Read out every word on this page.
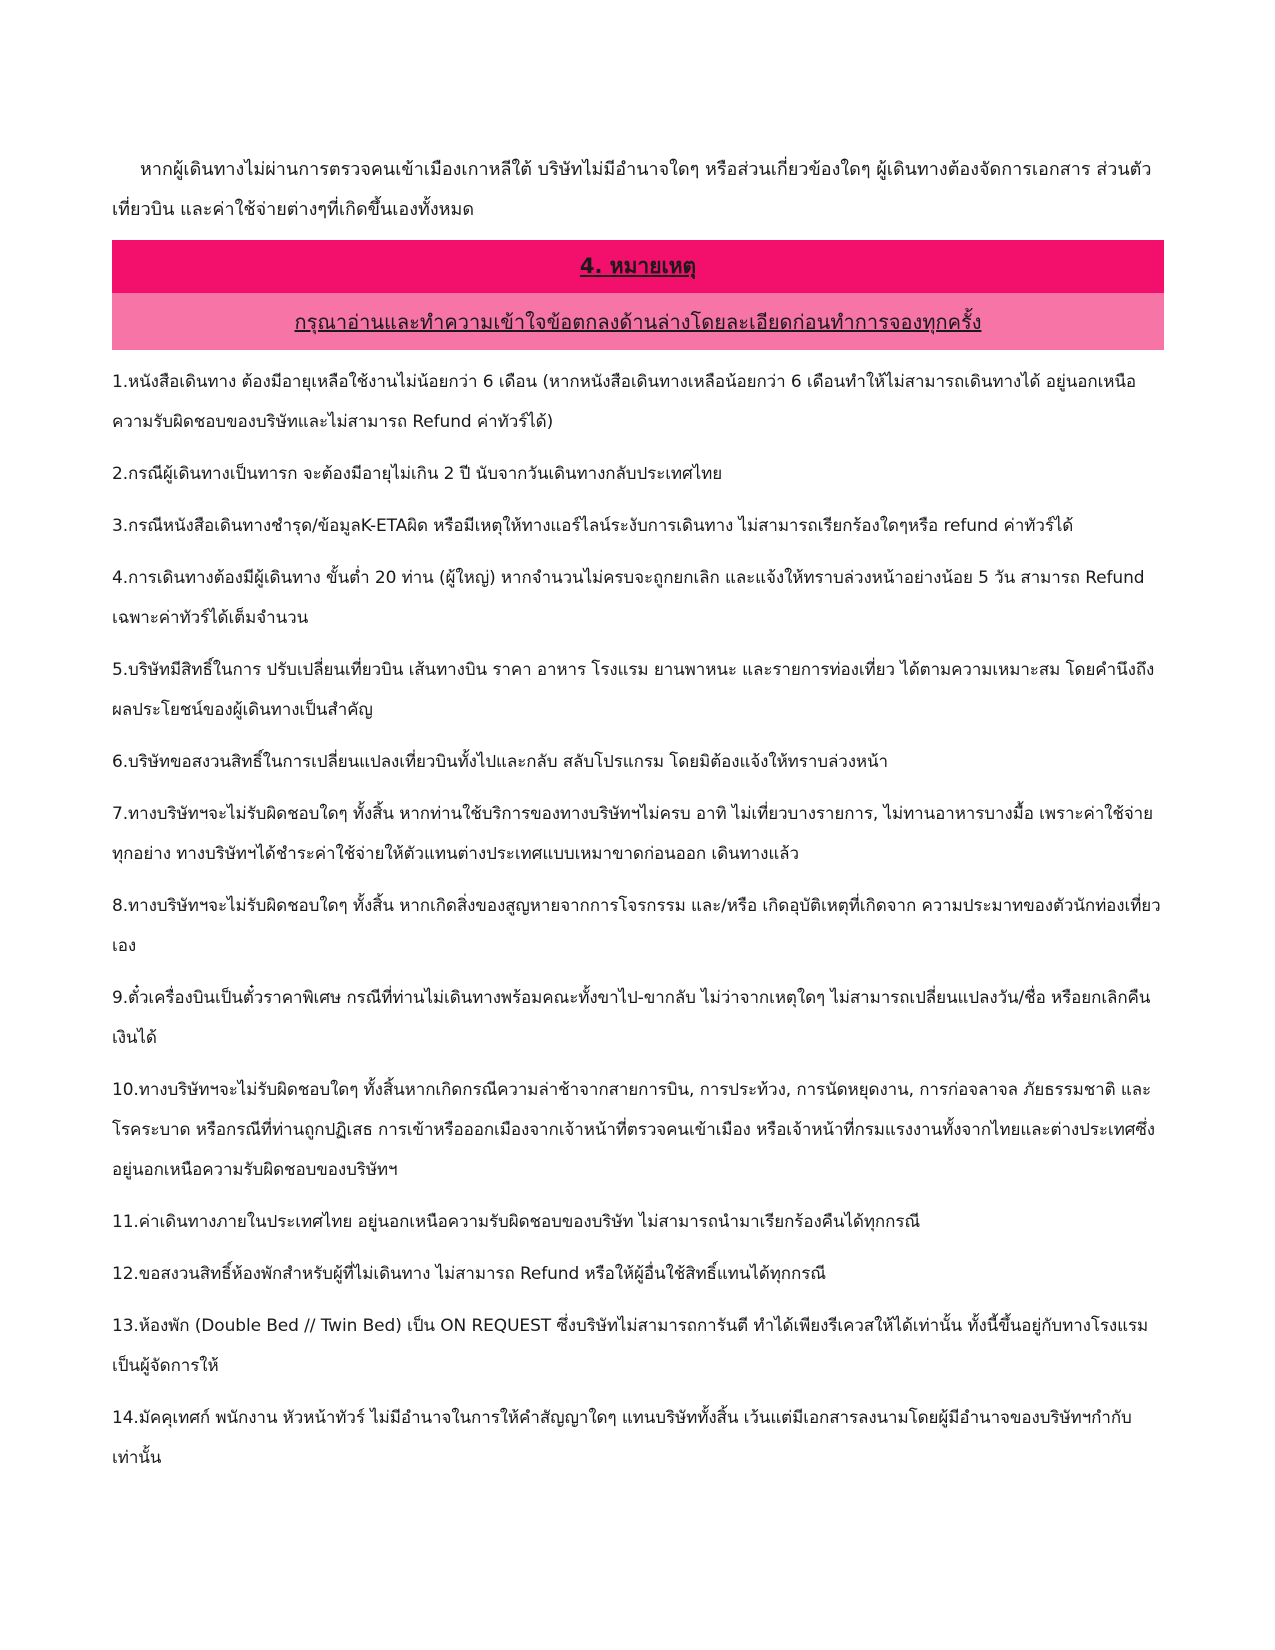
หากผู้เดินทางไม่ผ่านการตรวจคนเข้าเมืองเกาหลีใต้ บริษัทไม่มีอำนาจใดๆ หรือส่วนเกี่ยวข้องใดๆ ผู้เดินทางต้องจัดการเอกสาร ส่วนตัว เที่ยวบิน และค่าใช้จ่ายต่างๆที่เกิดขึ้นเองทั้งหมด

4. หมายเหตุ
กรุณาอ่านและทำความเข้าใจข้อตกลงด้านล่างโดยละเอียดก่อนทำการจองทุกครั้ง
1.หนังสือเดินทาง ต้องมีอายุเหลือใช้งานไม่น้อยกว่า 6 เดือน (หากหนังสือเดินทางเหลือน้อยกว่า 6 เดือนทำให้ไม่สามารถเดินทางได้ อยู่นอกเหนือความรับผิดชอบของบริษัทและไม่สามารถ Refund ค่าทัวร์ได้)
2.กรณีผู้เดินทางเป็นทารก จะต้องมีอายุไม่เกิน 2 ปี นับจากวันเดินทางกลับประเทศไทย
3.กรณีหนังสือเดินทางชำรุด/ข้อมูลK-ETAผิด หรือมีเหตุให้ทางแอร์ไลน์ระงับการเดินทาง ไม่สามารถเรียกร้องใดๆหรือ refund ค่าทัวร์ได้
4.การเดินทางต้องมีผู้เดินทาง ขั้นต่ำ 20 ท่าน (ผู้ใหญ่) หากจำนวนไม่ครบจะถูกยกเลิก และแจ้งให้ทราบล่วงหน้าอย่างน้อย 5 วัน สามารถ Refund เฉพาะค่าทัวร์ได้เต็มจำนวน
5.บริษัทมีสิทธิ์ในการ ปรับเปลี่ยนเที่ยวบิน เส้นทางบิน ราคา อาหาร โรงแรม ยานพาหนะ และรายการท่องเที่ยว ได้ตามความเหมาะสม โดยคำนึงถึงผลประโยชน์ของผู้เดินทางเป็นสำคัญ
6.บริษัทขอสงวนสิทธิ์ในการเปลี่ยนแปลงเที่ยวบินทั้งไปและกลับ สลับโปรแกรม โดยมิต้องแจ้งให้ทราบล่วงหน้า
7.ทางบริษัทฯจะไม่รับผิดชอบใดๆ ทั้งสิ้น หากท่านใช้บริการของทางบริษัทฯไม่ครบ อาทิ ไม่เที่ยวบางรายการ, ไม่ทานอาหารบางมื้อ เพราะค่าใช้จ่ายทุกอย่าง ทางบริษัทฯได้ชำระค่าใช้จ่ายให้ตัวแทนต่างประเทศแบบเหมาขาดก่อนออก เดินทางแล้ว
8.ทางบริษัทฯจะไม่รับผิดชอบใดๆ ทั้งสิ้น หากเกิดสิ่งของสูญหายจากการโจรกรรม และ/หรือ เกิดอุบัติเหตุที่เกิดจาก ความประมาทของตัวนักท่องเที่ยวเอง
9.ตั๋วเครื่องบินเป็นตั๋วราคาพิเศษ กรณีที่ท่านไม่เดินทางพร้อมคณะทั้งขาไป-ขากลับ ไม่ว่าจากเหตุใดๆ ไม่สามารถเปลี่ยนแปลงวัน/ชื่อ หรือยกเลิกคืนเงินได้
10.ทางบริษัทฯจะไม่รับผิดชอบใดๆ ทั้งสิ้นหากเกิดกรณีความล่าช้าจากสายการบิน, การประท้วง, การนัดหยุดงาน, การก่อจลาจล ภัยธรรมชาติ และโรคระบาด หรือกรณีที่ท่านถูกปฏิเสธ การเข้าหรือออกเมืองจากเจ้าหน้าที่ตรวจคนเข้าเมือง หรือเจ้าหน้าที่กรมแรงงานทั้งจากไทยและต่างประเทศซึ่งอยู่นอกเหนือความรับผิดชอบของบริษัทฯ
11.ค่าเดินทางภายในประเทศไทย อยู่นอกเหนือความรับผิดชอบของบริษัท ไม่สามารถนำมาเรียกร้องคืนได้ทุกกรณี
12.ขอสงวนสิทธิ์ห้องพักสำหรับผู้ที่ไม่เดินทาง ไม่สามารถ Refund หรือให้ผู้อื่นใช้สิทธิ์แทนได้ทุกกรณี
13.ห้องพัก (Double Bed // Twin Bed) เป็น ON REQUEST ซึ่งบริษัทไม่สามารถการันตี ทำได้เพียงรีเควสให้ได้เท่านั้น ทั้งนี้ขึ้นอยู่กับทางโรงแรมเป็นผู้จัดการให้
14.มัคคุเทศก์ พนักงาน หัวหน้าทัวร์ ไม่มีอำนาจในการให้คำสัญญาใดๆ แทนบริษัททั้งสิ้น เว้นแต่มีเอกสารลงนามโดยผู้มีอำนาจของบริษัทฯกำกับเท่านั้น
